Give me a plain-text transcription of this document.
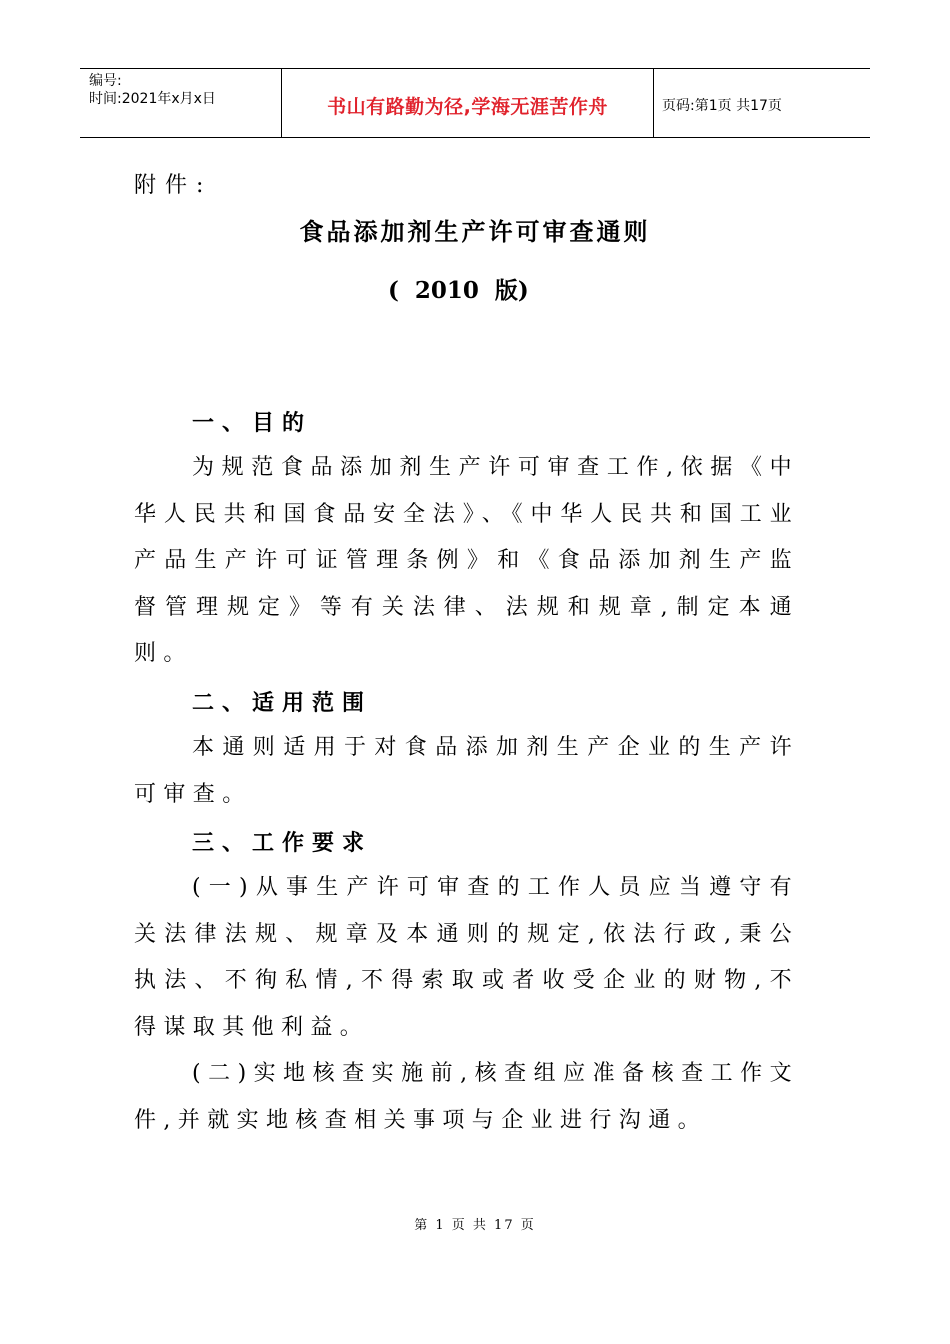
编号:
时间:2021年x月x日	书山有路勤为径,学海无涯苦作舟	页码:第1页 共17页
附件:
食品添加剂生产许可审查通则
(  2010  版)
一、目的

为规范食品添加剂生产许可审查工作,依据《中华人民共和国食品安全法》、《中华人民共和国工业产品生产许可证管理条例》和《食品添加剂生产监督管理规定》等有关法律、法规和规章,制定本通则。

二、适用范围

本通则适用于对食品添加剂生产企业的生产许可审查。

三、工作要求

(一)从事生产许可审查的工作人员应当遵守有关法律法规、规章及本通则的规定,依法行政,秉公执法、不徇私情,不得索取或者收受企业的财物,不得谋取其他利益。

(二)实地核查实施前,核查组应准备核查工作文件,并就实地核查相关事项与企业进行沟通。

第 1 页 共 17 页
